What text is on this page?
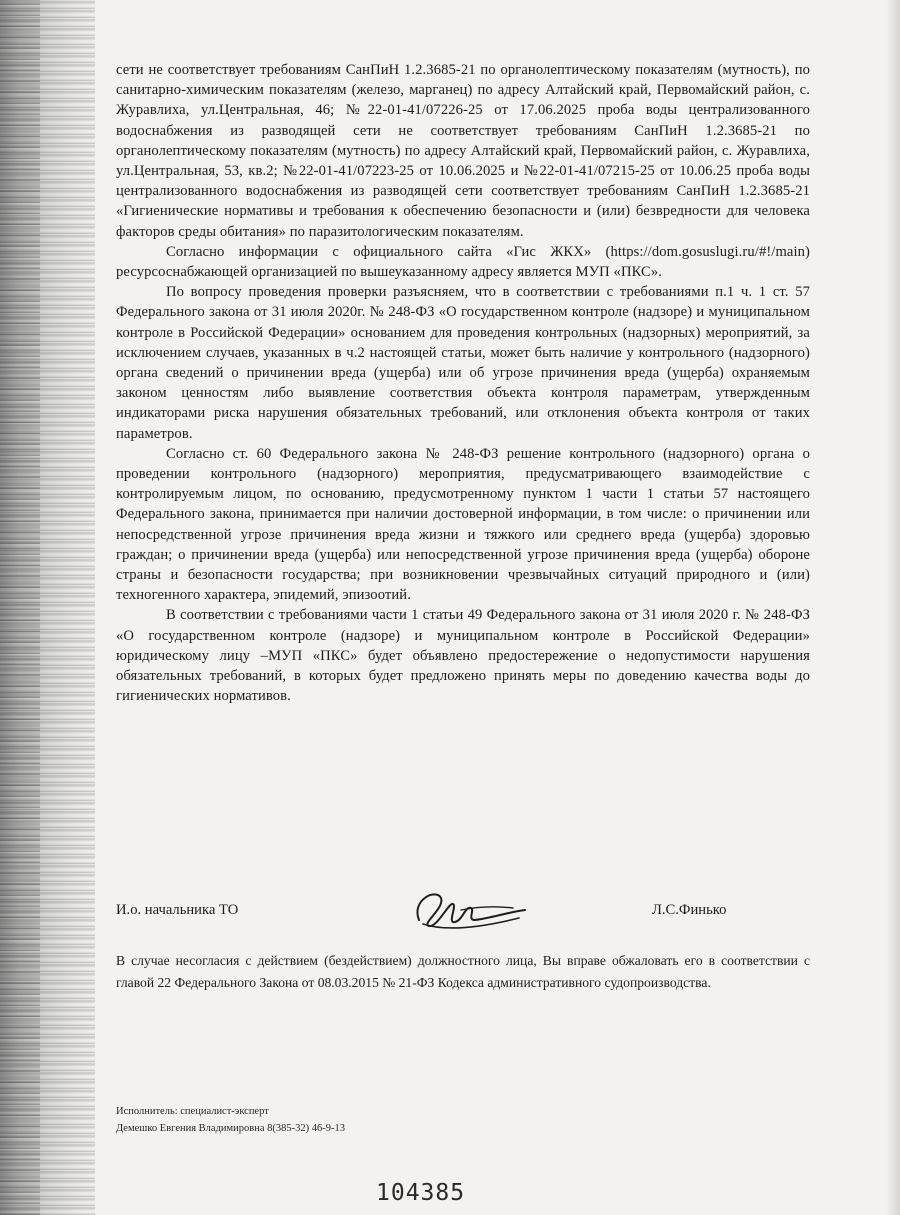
сети не соответствует требованиям СанПиН 1.2.3685-21 по органолептическому показателям (мутность), по санитарно-химическим показателям (железо, марганец) по адресу Алтайский край, Первомайский район, с. Журавлиха, ул.Центральная, 46; №22-01-41/07226-25 от 17.06.2025 проба воды централизованного водоснабжения из разводящей сети не соответствует требованиям СанПиН 1.2.3685-21 по органолептическому показателям (мутность) по адресу Алтайский край, Первомайский район, с. Журавлиха, ул.Центральная, 53, кв.2; №22-01-41/07223-25 от 10.06.2025 и №22-01-41/07215-25 от 10.06.25 проба воды централизованного водоснабжения из разводящей сети соответствует требованиям СанПиН 1.2.3685-21 «Гигиенические нормативы и требования к обеспечению безопасности и (или) безвредности для человека факторов среды обитания» по паразитологическим показателям.

Согласно информации с официального сайта «Гис ЖКХ» (https://dom.gosuslugi.ru/#!/main) ресурсоснабжающей организацией по вышеуказанному адресу является МУП «ПКС».

По вопросу проведения проверки разъясняем, что в соответствии с требованиями п.1 ч. 1 ст. 57 Федерального закона от 31 июля 2020г. № 248-ФЗ «О государственном контроле (надзоре) и муниципальном контроле в Российской Федерации» основанием для проведения контрольных (надзорных) мероприятий, за исключением случаев, указанных в ч.2 настоящей статьи, может быть наличие у контрольного (надзорного) органа сведений о причинении вреда (ущерба) или об угрозе причинения вреда (ущерба) охраняемым законом ценностям либо выявление соответствия объекта контроля параметрам, утвержденным индикаторами риска нарушения обязательных требований, или отклонения объекта контроля от таких параметров.

Согласно ст. 60 Федерального закона № 248-ФЗ решение контрольного (надзорного) органа о проведении контрольного (надзорного) мероприятия, предусматривающего взаимодействие с контролируемым лицом, по основанию, предусмотренному пунктом 1 части 1 статьи 57 настоящего Федерального закона, принимается при наличии достоверной информации, в том числе: о причинении или непосредственной угрозе причинения вреда жизни и тяжкого или среднего вреда (ущерба) здоровью граждан; о причинении вреда (ущерба) или непосредственной угрозе причинения вреда (ущерба) обороне страны и безопасности государства; при возникновении чрезвычайных ситуаций природного и (или) техногенного характера, эпидемий, эпизоотий.

В соответствии с требованиями части 1 статьи 49 Федерального закона от 31 июля 2020 г. № 248-ФЗ «О государственном контроле (надзоре) и муниципальном контроле в Российской Федерации» юридическому лицу –МУП «ПКС» будет объявлено предостережение о недопустимости нарушения обязательных требований, в которых будет предложено принять меры по доведению качества воды до гигиенических нормативов.

И.о. начальника ТО	Л.С.Финько

В случае несогласия с действием (бездействием) должностного лица, Вы вправе обжаловать его в соответствии с главой 22 Федерального Закона от 08.03.2015 № 21-ФЗ Кодекса административного судопроизводства.

Исполнитель: специалист-эксперт
Демешко Евгения Владимировна 8(385-32) 46-9-13
104385
